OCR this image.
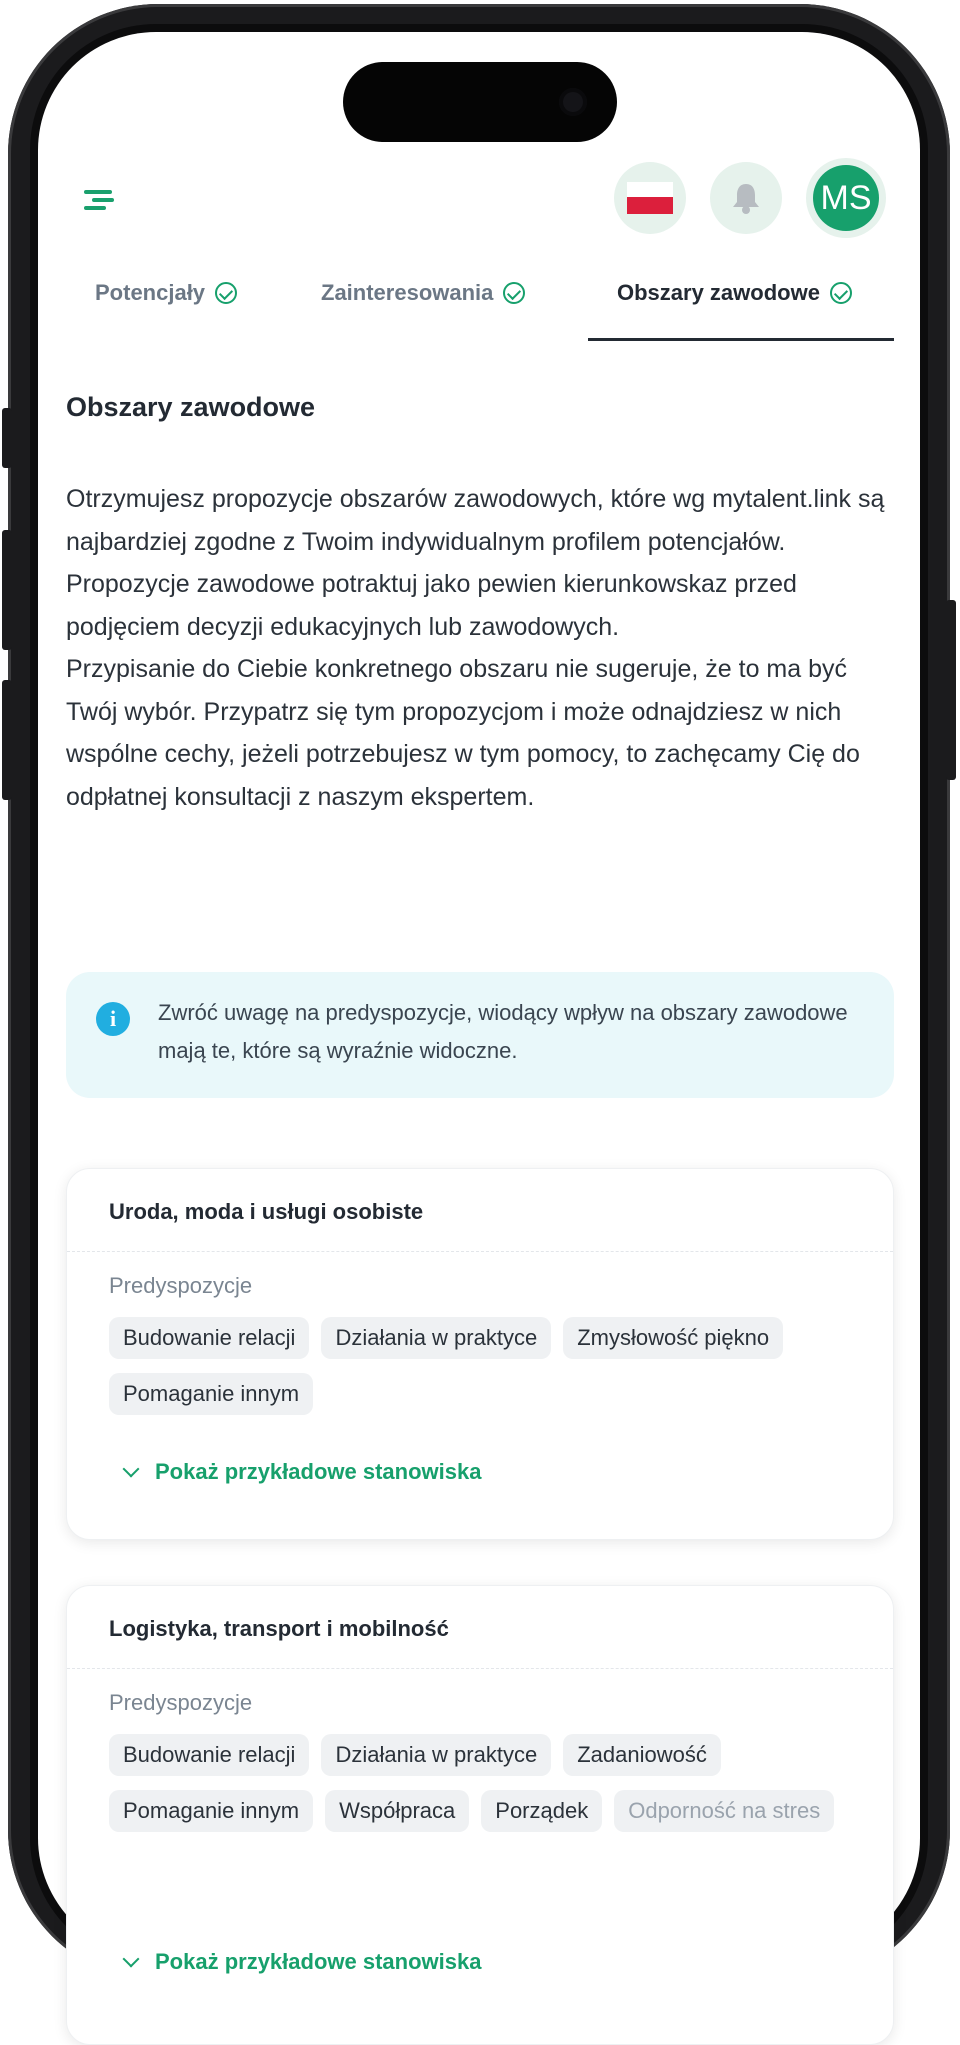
MS
Potencjały	Zainteresowania	Obszary zawodowe
Obszary zawodowe

Otrzymujesz propozycje obszarów zawodowych, które wg mytalent.link są najbardziej zgodne z Twoim indywidualnym profilem potencjałów. Propozycje zawodowe potraktuj jako pewien kierunkowskaz przed podjęciem decyzji edukacyjnych lub zawodowych.

Przypisanie do Ciebie konkretnego obszaru nie sugeruje, że to ma być Twój wybór. Przypatrz się tym propozycjom i może odnajdziesz w nich wspólne cechy, jeżeli potrzebujesz w tym pomocy, to zachęcamy Cię do odpłatnej konsultacji z naszym ekspertem.

i	Zwróć uwagę na predyspozycje, wiodący wpływ na obszary zawodowe mają te, które są wyraźnie widoczne.
Uroda, moda i usługi osobiste
Predyspozycje
Budowanie relacji	Działania w praktyce	Zmysłowość piękno
Pomaganie innym
Pokaż przykładowe stanowiska
Logistyka, transport i mobilność
Predyspozycje
Budowanie relacji	Działania w praktyce	Zadaniowość
Pomaganie innym	Współpraca	Porządek	Odporność na stres
Pokaż przykładowe stanowiska
